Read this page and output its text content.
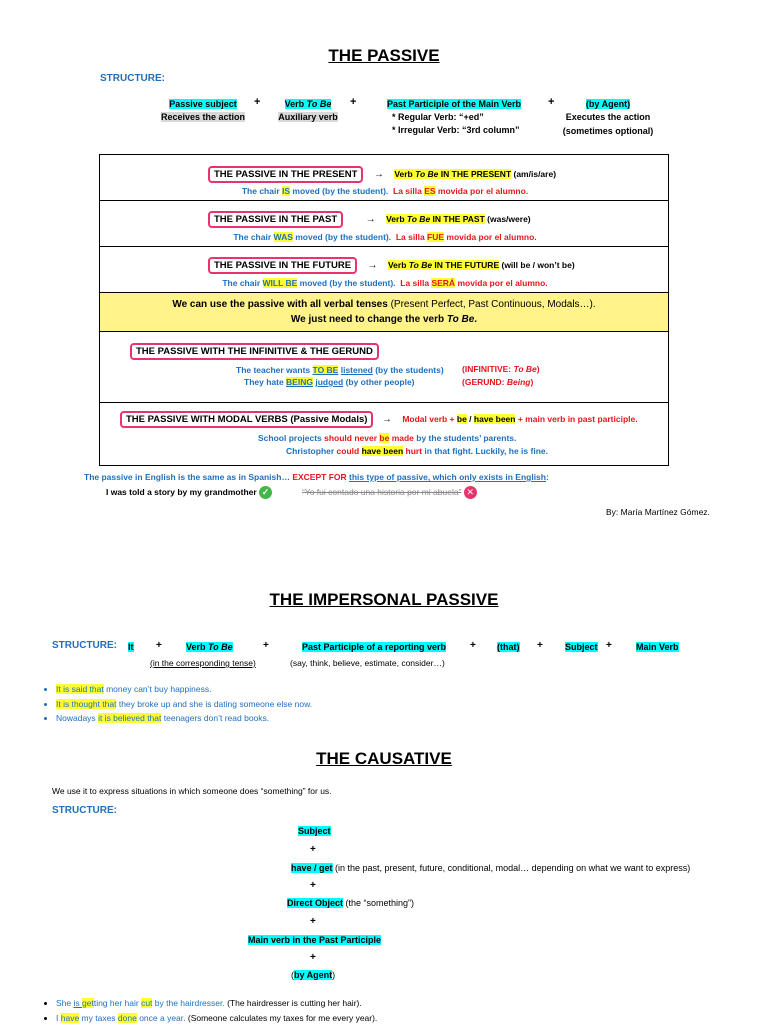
THE PASSIVE
STRUCTURE:
Passive subject
Receives the action
+	Verb To Be
Auxiliary verb
+	Past Participle of the Main Verb
* Regular Verb: “+ed”
* Irregular Verb: “3rd column”
+	(by Agent)
Executes the action
(sometimes optional)
THE PASSIVE IN THE PRESENT → Verb To Be IN THE PRESENT (am/is/are)
The chair IS moved (by the student). La silla ES movida por el alumno.

THE PASSIVE IN THE PAST	→ Verb To Be IN THE PAST (was/were)
The chair WAS moved (by the student). La silla FUE movida por el alumno.

THE PASSIVE IN THE FUTURE → Verb To Be IN THE FUTURE (will be / won’t be)
The chair WILL BE moved (by the student). La silla SERÁ movida por el alumno.

We can use the passive with all verbal tenses (Present Perfect, Past Continuous, Modals…).
We just need to change the verb To Be.

THE PASSIVE WITH THE INFINITIVE & THE GERUND
The teacher wants TO BE listened (by the students) (INFINITIVE: To Be)
They hate BEING judged (by other people)	(GERUND: Being)

THE PASSIVE WITH MODAL VERBS (Passive Modals) → Modal verb + be / have been + main verb in past participle.
School projects should never be made by the students’ parents.
Christopher could have been hurt in that fight. Luckily, he is fine.
The passive in English is the same as in Spanish… EXCEPT FOR this type of passive, which only exists in English:
I was told a story by my grandmother ✓	“Yo fui contado una historia por mi abuela” ✕
By: María Martínez Gómez.
THE IMPERSONAL PASSIVE
STRUCTURE: It +	Verb To Be
(in the corresponding tense)
+	Past Participle of a reporting verb
(say, think, believe, estimate, consider…)
+ (that) + Subject +	Main Verb
• It is said that money can’t buy happiness.
• It is thought that they broke up and she is dating someone else now.
• Nowadays it is believed that teenagers don’t read books.
THE CAUSATIVE
We use it to express situations in which someone does “something” for us.
STRUCTURE:
Subject
+
have / get (in the past, present, future, conditional, modal… depending on what we want to express)
+
Direct Object (the “something”)
+
Main verb in the Past Participle
+
(by Agent)
• She is getting her hair cut by the hairdresser. (The hairdresser is cutting her hair).
• I have my taxes done once a year. (Someone calculates my taxes for me every year).
